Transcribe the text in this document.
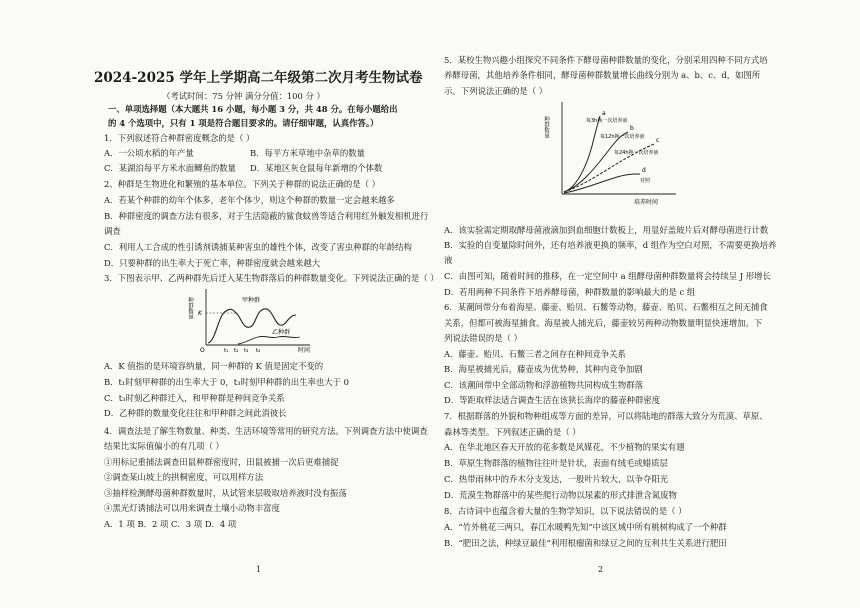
2024-2025 学年上学期高二年级第二次月考生物试卷
（考试时间：75 分钟 满分分值：100 分 ）
一、单项选择题（本大题共 16 小题，每小题 3 分，共 48 分。在每小题给出
的 4 个选项中，只有 1 项是符合题目要求的。请仔细审题，认真作答。）
1．下列叙述符合种群密度概念的是（ ）
A．一公顷水稻的年产量	B．每平方米草地中杂草的数量
C．某湖泊每平方米水面鲫鱼的数量 D．某地区灰仓鼠每年新增的个体数
2、种群是生物进化和繁殖的基本单位。下列关于种群的说法正确的是（ ）
A．若某个种群的幼年个体多，老年个体少，则这个种群的数量一定会越来越多
B．种群密度的调查方法有很多，对于生活隐蔽的鲨食蚊兽等适合利用红外触发相机进行
调查
C．利用人工合成的性引诱剂诱捕某种害虫的雄性个体，改变了害虫种群的年龄结构
D．只要种群的出生率大于死亡率，种群密度就会越来越大
3．下图表示甲、乙两种群先后迁入某生物群落后的种群数量变化。下列说法正确的是（ ）
种群数量 K
甲种群
乙种群
O	时间
t₁ t₂ t₃ t₄
A．K 值指的是环境容纳量，同一种群的 K 值是固定不变的
B．t₁时刻甲种群的出生率大于 0，t₃时刻甲种群的出生率也大于 0
C．t₃时刻乙种群迁入，和甲种群是种间竞争关系
D．乙种群的数量变化往往和甲种群之间此消彼长
4．调查法是了解生物数量、种类、生活环境等常用的研究方法。下列调查方法中使调查
结果比实际值偏小的有几项（ ）
①用标记重捕法调查田鼠种群密度时，田鼠被捕一次后更难捕捉
②调查某山坡上的拱桐密度，可以用样方法
③抽样检测酵母菌种群数量时，从试管来层吸取培养液时没有振荡
④黑光灯诱捕法可以用来调查土壤小动物丰富度
A．1 项 B．2 项 C．3 项 D．4 项
1
5．某校生物兴趣小组探究不同条件下酵母菌种群数量的变化，分别采用四种不同方式培
养酵母菌，其他培养条件相同，酵母菌种群数量增长曲线分别为 a、b、c、d，如图所
示。下列说法正确的是（ ）
种群数量
培养时间
a
b
c
d
每3h换一次培养液
每12h换一次培养液
每24h换一次培养液
对照
A．该实验需定期取酵母菌液滴加到血细胞计数板上，用显好盖玻片后对酵母菌进行计数
B．实验的自变量除时间外，还有培养液更换的频率，d 组作为空白对照，不需要更换培养
液
C．由图可知，随着时间的推移，在一定空间中 a 组酵母菌种群数量将会持续呈 J 形增长
D．若用两种不同条件下培养酵母菌，种群数量的影响最大的是 c 组
6．某潮间带分布着海星、藤壶、贻贝、石鳖等动物，藤壶、贻贝、石鳖相互之间无捕食
关系，但都可被海星捕食。海星被人捕光后，藤壶较另两种动物数量明显快速增加。下
列说法错误的是（ ）
A．藤壶、贻贝、石鳖三者之间存在种间竞争关系
B．海星被捕光后，藤壶成为优势种，其种内竞争加剧
C．该潮间带中全部动物和浮游植物共同构成生物群落
D．等距取样法适合调查生活在该狭长海岸的藤壶种群密度
7．根据群落的外貌和物种组成等方面的差异，可以将陆地的群落大致分为荒漠、草原、
森林等类型。下列叙述正确的是（ ）
A．在华北地区春天开放的花多数是风媒花，不少植物的果实有翅
B．草原生物群落的植物往往叶是针状，表面有绒毛或蜡质层
C．热带雨林中的乔木分支发达，一般叶片较大，以争夺阳光
D．荒漠生物群落中的某些爬行动物以尿素的形式排泄含氮废物
8．古诗词中也蕴含着大量的生物学知识，以下说法错误的是（ ）
A．“竹外桃花三两只，春江水暖鸭先知”中该区域中所有桃树构成了一个种群
B．“肥田之法，种绿豆最佳”利用根瘤菌和绿豆之间的互利共生关系进行肥田
2
